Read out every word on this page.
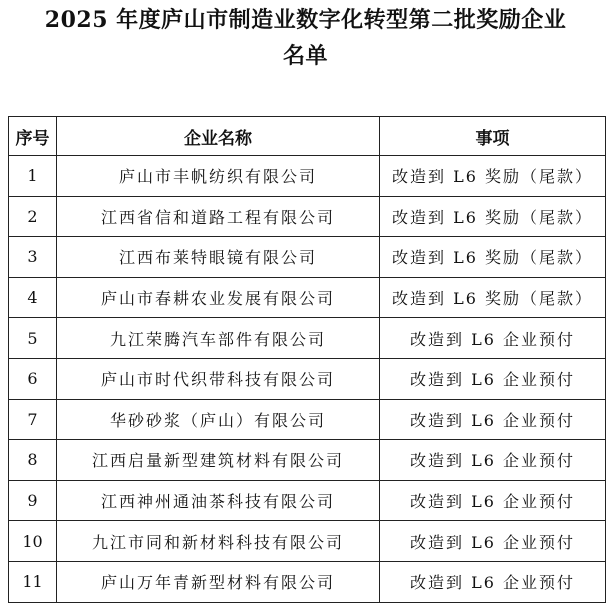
2025 年度庐山市制造业数字化转型第二批奖励企业
名单
序号	企业名称	事项
1	庐山市丰帆纺织有限公司	改造到 L6 奖励（尾款）
2	江西省信和道路工程有限公司	改造到 L6 奖励（尾款）
3	江西布莱特眼镜有限公司	改造到 L6 奖励（尾款）
4	庐山市春耕农业发展有限公司	改造到 L6 奖励（尾款）
5	九江荣腾汽车部件有限公司	改造到 L6 企业预付
6	庐山市时代织带科技有限公司	改造到 L6 企业预付
7	华砂砂浆（庐山）有限公司	改造到 L6 企业预付
8	江西启量新型建筑材料有限公司	改造到 L6 企业预付
9	江西神州通油茶科技有限公司	改造到 L6 企业预付
10	九江市同和新材料科技有限公司	改造到 L6 企业预付
11	庐山万年青新型材料有限公司	改造到 L6 企业预付
